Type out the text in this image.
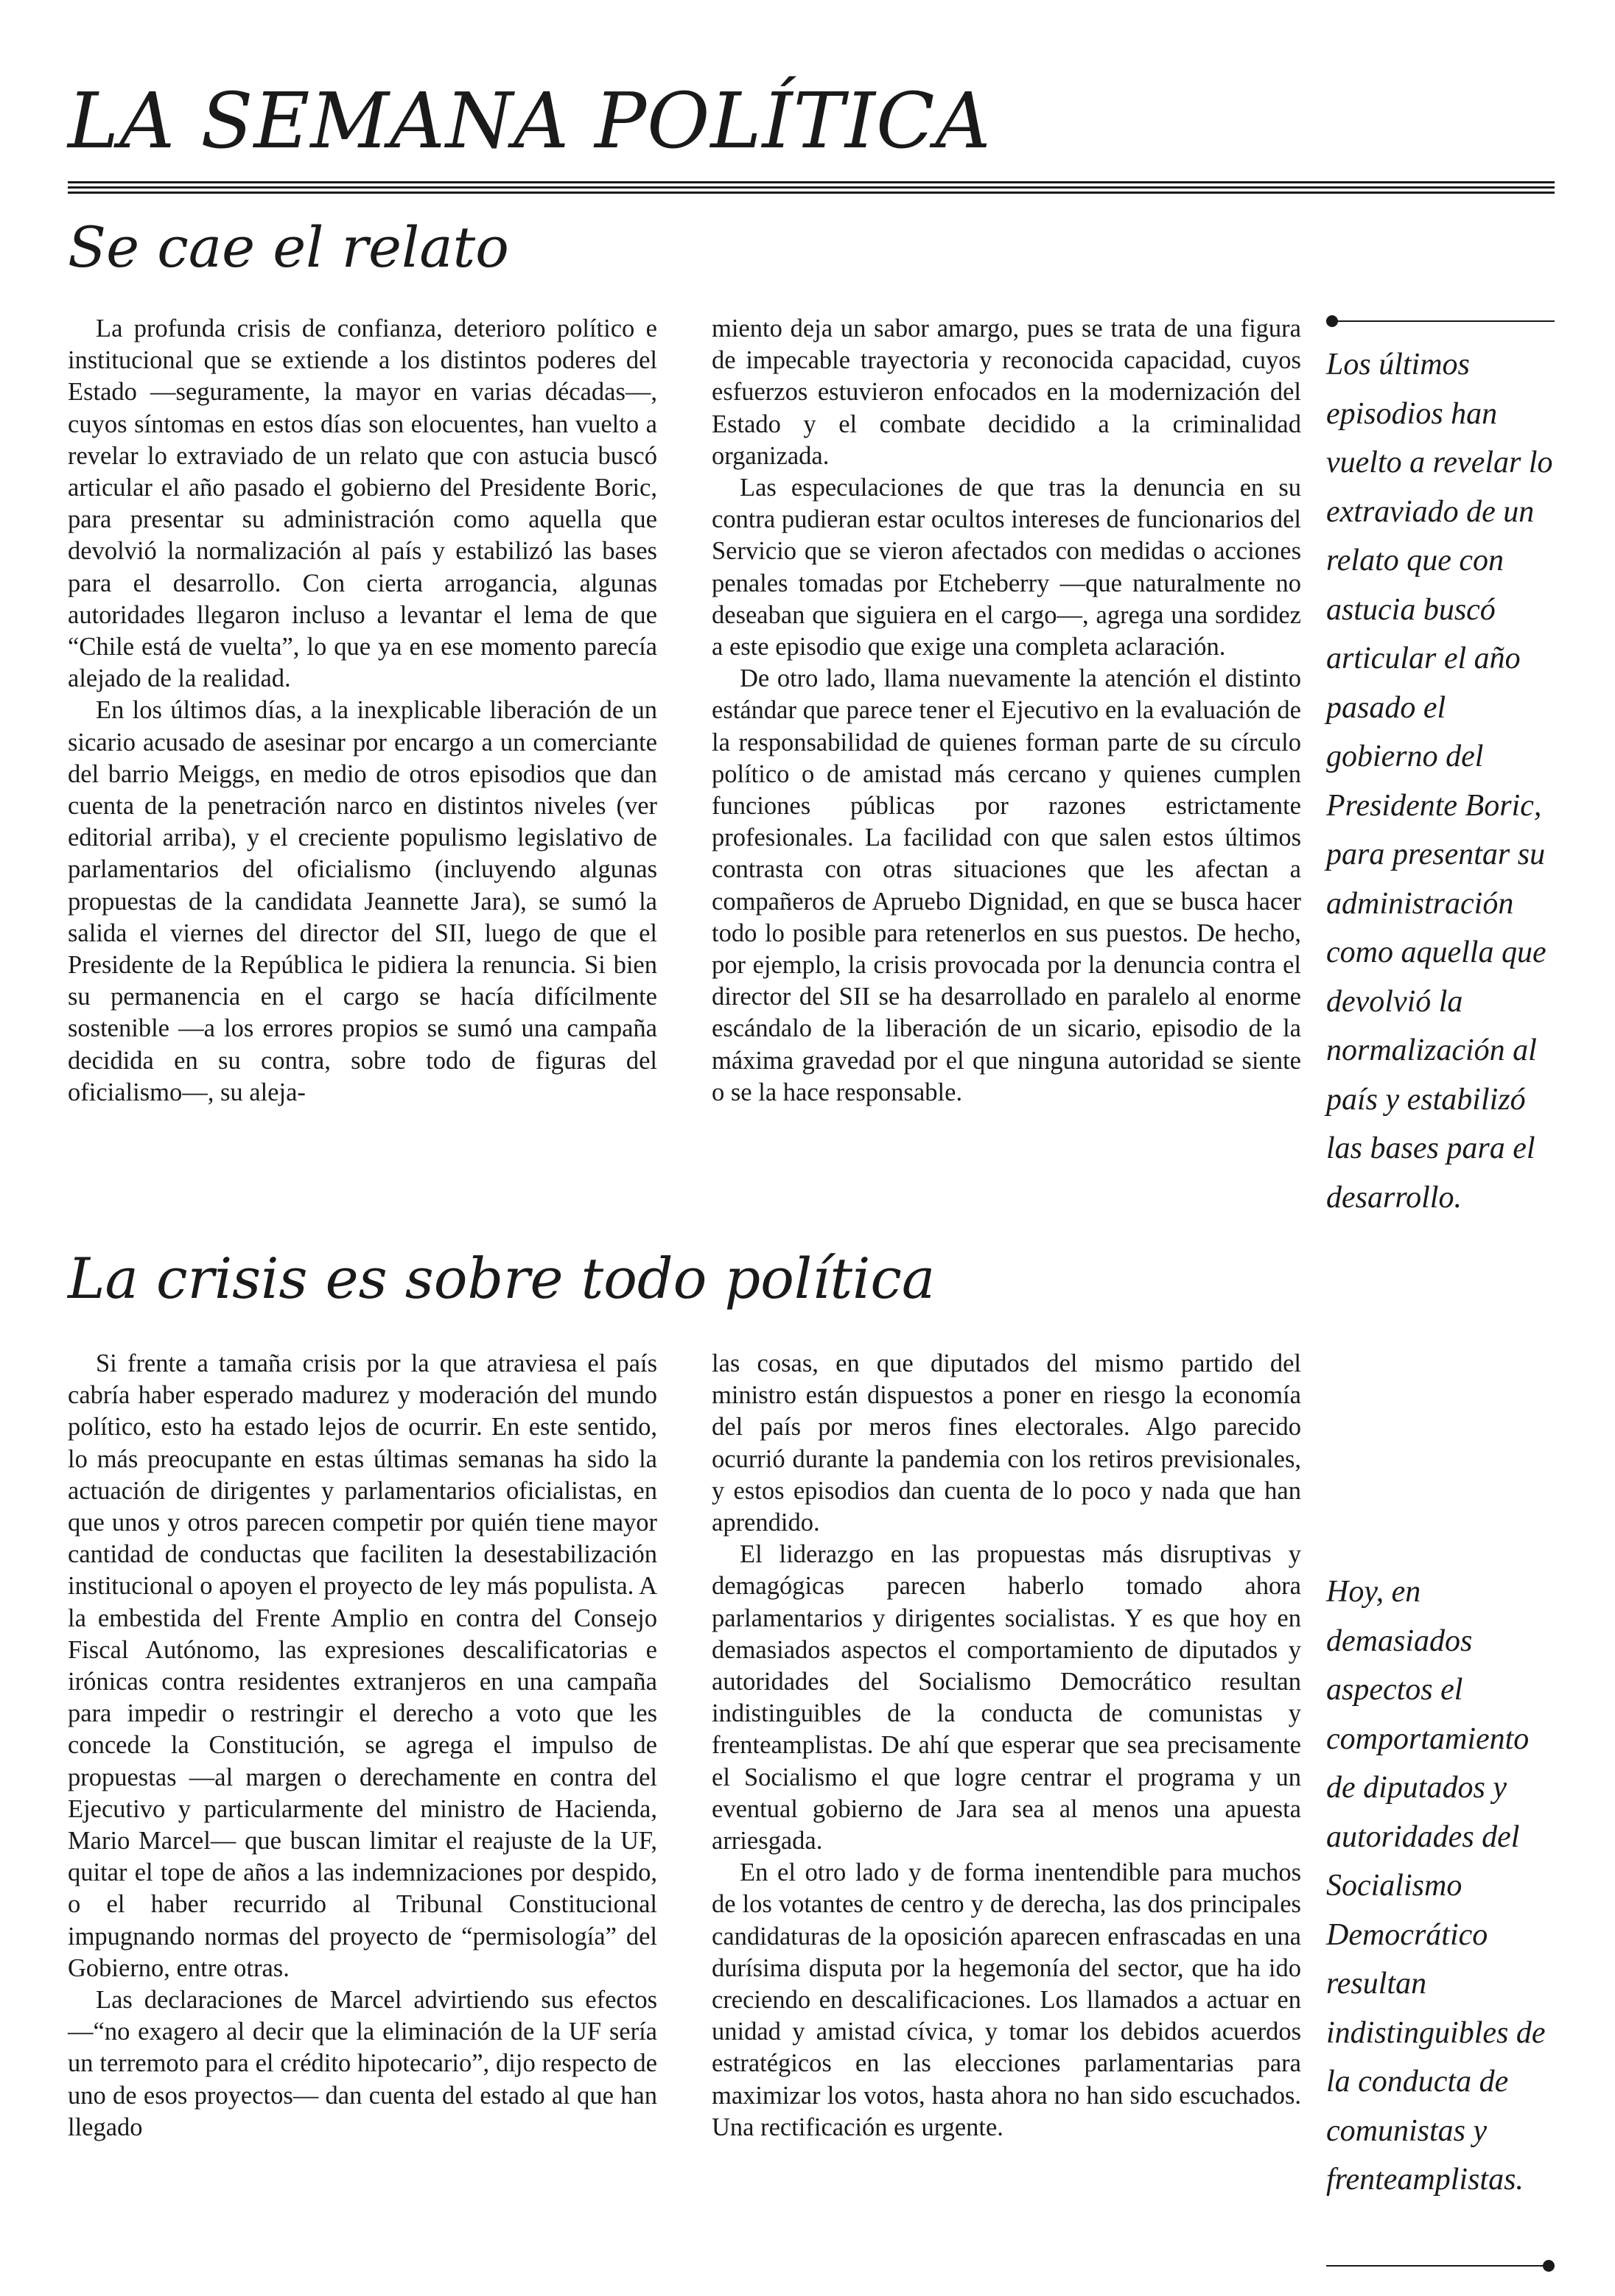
LA SEMANA POLÍTICA
Se cae el relato

La profunda crisis de confianza, deterioro político e institucional que se extiende a los distintos poderes del Estado —seguramente, la mayor en varias décadas—, cuyos síntomas en estos días son elocuentes, han vuelto a revelar lo extraviado de un relato que con astucia buscó articular el año pasado el gobierno del Presidente Boric, para presentar su administración como aquella que devolvió la normalización al país y estabilizó las bases para el desarrollo. Con cierta arrogancia, algunas autoridades llegaron incluso a levantar el lema de que “Chile está de vuelta”, lo que ya en ese momento parecía alejado de la realidad.

En los últimos días, a la inexplicable liberación de un sicario acusado de asesinar por encargo a un comerciante del barrio Meiggs, en medio de otros episodios que dan cuenta de la penetración narco en distintos niveles (ver editorial arriba), y el creciente populismo legislativo de parlamentarios del oficialismo (incluyendo algunas propuestas de la candidata Jeannette Jara), se sumó la salida el viernes del director del SII, luego de que el Presidente de la República le pidiera la renuncia. Si bien su permanencia en el cargo se hacía difícilmente sostenible —a los errores propios se sumó una campaña decidida en su contra, sobre todo de figuras del oficialismo—, su aleja-

miento deja un sabor amargo, pues se trata de una figura de impecable trayectoria y reconocida capacidad, cuyos esfuerzos estuvieron enfocados en la modernización del Estado y el combate decidido a la criminalidad organizada.

Las especulaciones de que tras la denuncia en su contra pudieran estar ocultos intereses de funcionarios del Servicio que se vieron afectados con medidas o acciones penales tomadas por Etcheberry —que naturalmente no deseaban que siguiera en el cargo—, agrega una sordidez a este episodio que exige una completa aclaración.

De otro lado, llama nuevamente la atención el distinto estándar que parece tener el Ejecutivo en la evaluación de la responsabilidad de quienes forman parte de su círculo político o de amistad más cercano y quienes cumplen funciones públicas por razones estrictamente profesionales. La facilidad con que salen estos últimos contrasta con otras situaciones que les afectan a compañeros de Apruebo Dignidad, en que se busca hacer todo lo posible para retenerlos en sus puestos. De hecho, por ejemplo, la crisis provocada por la denuncia contra el director del SII se ha desarrollado en paralelo al enorme escándalo de la liberación de un sicario, episodio de la máxima gravedad por el que ninguna autoridad se siente o se la hace responsable.

Los últimos episodios han vuelto a revelar lo extraviado de un relato que con astucia buscó articular el año pasado el gobierno del Presidente Boric, para presentar su administración como aquella que devolvió la normalización al país y estabilizó las bases para el desarrollo.
La crisis es sobre todo política

Si frente a tamaña crisis por la que atraviesa el país cabría haber esperado madurez y moderación del mundo político, esto ha estado lejos de ocurrir. En este sentido, lo más preocupante en estas últimas semanas ha sido la actuación de dirigentes y parlamentarios oficialistas, en que unos y otros parecen competir por quién tiene mayor cantidad de conductas que faciliten la desestabilización institucional o apoyen el proyecto de ley más populista. A la embestida del Frente Amplio en contra del Consejo Fiscal Autónomo, las expresiones descalificatorias e irónicas contra residentes extranjeros en una campaña para impedir o restringir el derecho a voto que les concede la Constitución, se agrega el impulso de propuestas —al margen o derechamente en contra del Ejecutivo y particularmente del ministro de Hacienda, Mario Marcel— que buscan limitar el reajuste de la UF, quitar el tope de años a las indemnizaciones por despido, o el haber recurrido al Tribunal Constitucional impugnando normas del proyecto de “permisología” del Gobierno, entre otras.

Las declaraciones de Marcel advirtiendo sus efectos —“no exagero al decir que la eliminación de la UF sería un terremoto para el crédito hipotecario”, dijo respecto de uno de esos proyectos— dan cuenta del estado al que han llegado

las cosas, en que diputados del mismo partido del ministro están dispuestos a poner en riesgo la economía del país por meros fines electorales. Algo parecido ocurrió durante la pandemia con los retiros previsionales, y estos episodios dan cuenta de lo poco y nada que han aprendido.

El liderazgo en las propuestas más disruptivas y demagógicas parecen haberlo tomado ahora parlamentarios y dirigentes socialistas. Y es que hoy en demasiados aspectos el comportamiento de diputados y autoridades del Socialismo Democrático resultan indistinguibles de la conducta de comunistas y frenteamplistas. De ahí que esperar que sea precisamente el Socialismo el que logre centrar el programa y un eventual gobierno de Jara sea al menos una apuesta arriesgada.

En el otro lado y de forma inentendible para muchos de los votantes de centro y de derecha, las dos principales candidaturas de la oposición aparecen enfrascadas en una durísima disputa por la hegemonía del sector, que ha ido creciendo en descalificaciones. Los llamados a actuar en unidad y amistad cívica, y tomar los debidos acuerdos estratégicos en las elecciones parlamentarias para maximizar los votos, hasta ahora no han sido escuchados. Una rectificación es urgente.

Hoy, en demasiados aspectos el comportamiento de diputados y autoridades del Socialismo Democrático resultan indistinguibles de la conducta de comunistas y frenteamplistas.
